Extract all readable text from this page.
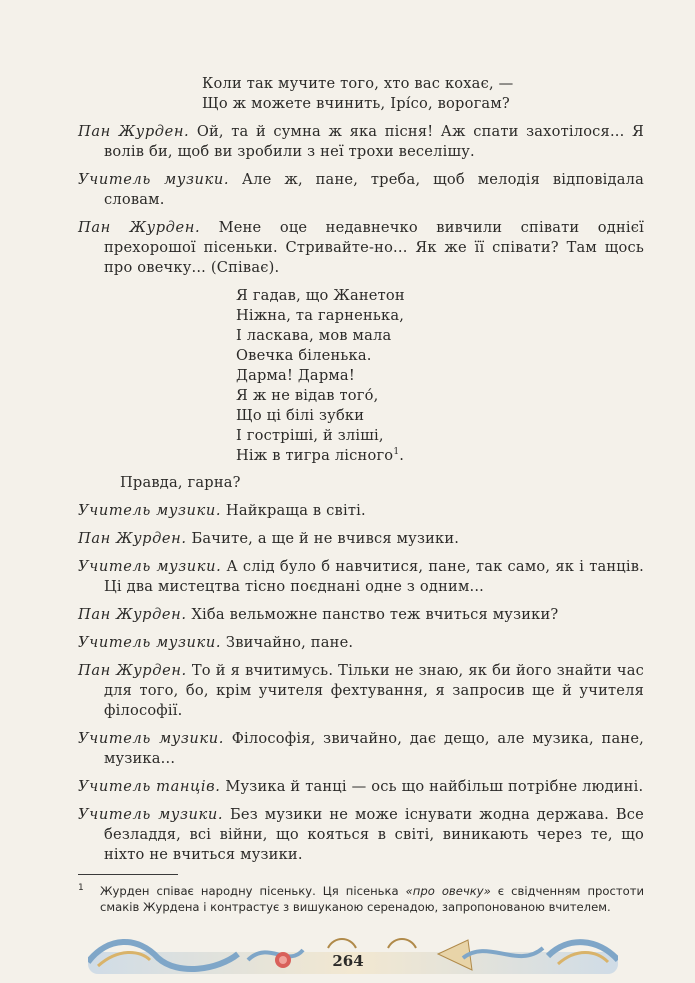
Коли так мучите того, хто вас кохає, —
Що ж можете вчинить, Ірі́со, ворогам?

Пан Журден. Ой, та й сумна ж яка пісня! Аж спати захотілося... Я волів би, щоб ви зробили з неї трохи веселішу.

Учитель музики. Але ж, пане, треба, щоб мелодія відповідала словам.

Пан Журден. Мене оце недавнечко вивчили співати однієї прехорошої пісеньки. Стривайте-но... Як же її співати? Там щось про овечку... (Співає).

Я гадав, що Жанетон
Ніжна, та гарненька,
І ласкава, мов мала
Овечка біленька.
Дарма! Дарма!
Я ж не відав того́,
Що ці білі зубки
І гостріші, й зліші,
Ніж в тигра лісного$^1$.
Правда, гарна?

Учитель музики. Найкраща в світі.

Пан Журден. Бачите, а ще й не вчився музики.

Учитель музики. А слід було б навчитися, пане, так само, як і танців. Ці два мистецтва тісно поєднані одне з одним...

Пан Журден. Хіба вельможне панство теж вчиться музики?

Учитель музики. Звичайно, пане.

Пан Журден. То й я вчитимусь. Тільки не знаю, як би його знайти час для того, бо, крім учителя фехтування, я запросив ще й учителя філософії.

Учитель музики. Філософія, звичайно, дає дещо, але музика, пане, музика...

Учитель танців. Музика й танці — ось що найбільш потрібне людині.

Учитель музики. Без музики не може існувати жодна держава. Все безладдя, всі війни, що кояться в світі, виникають через те, що ніхто не вчиться музики.

1	Журден співає народну пісеньку. Ця пісенька «про овечку» є свідченням простоти смаків Журдена і контрастує з вишуканою серенадою, запропонованою вчителем.
264
